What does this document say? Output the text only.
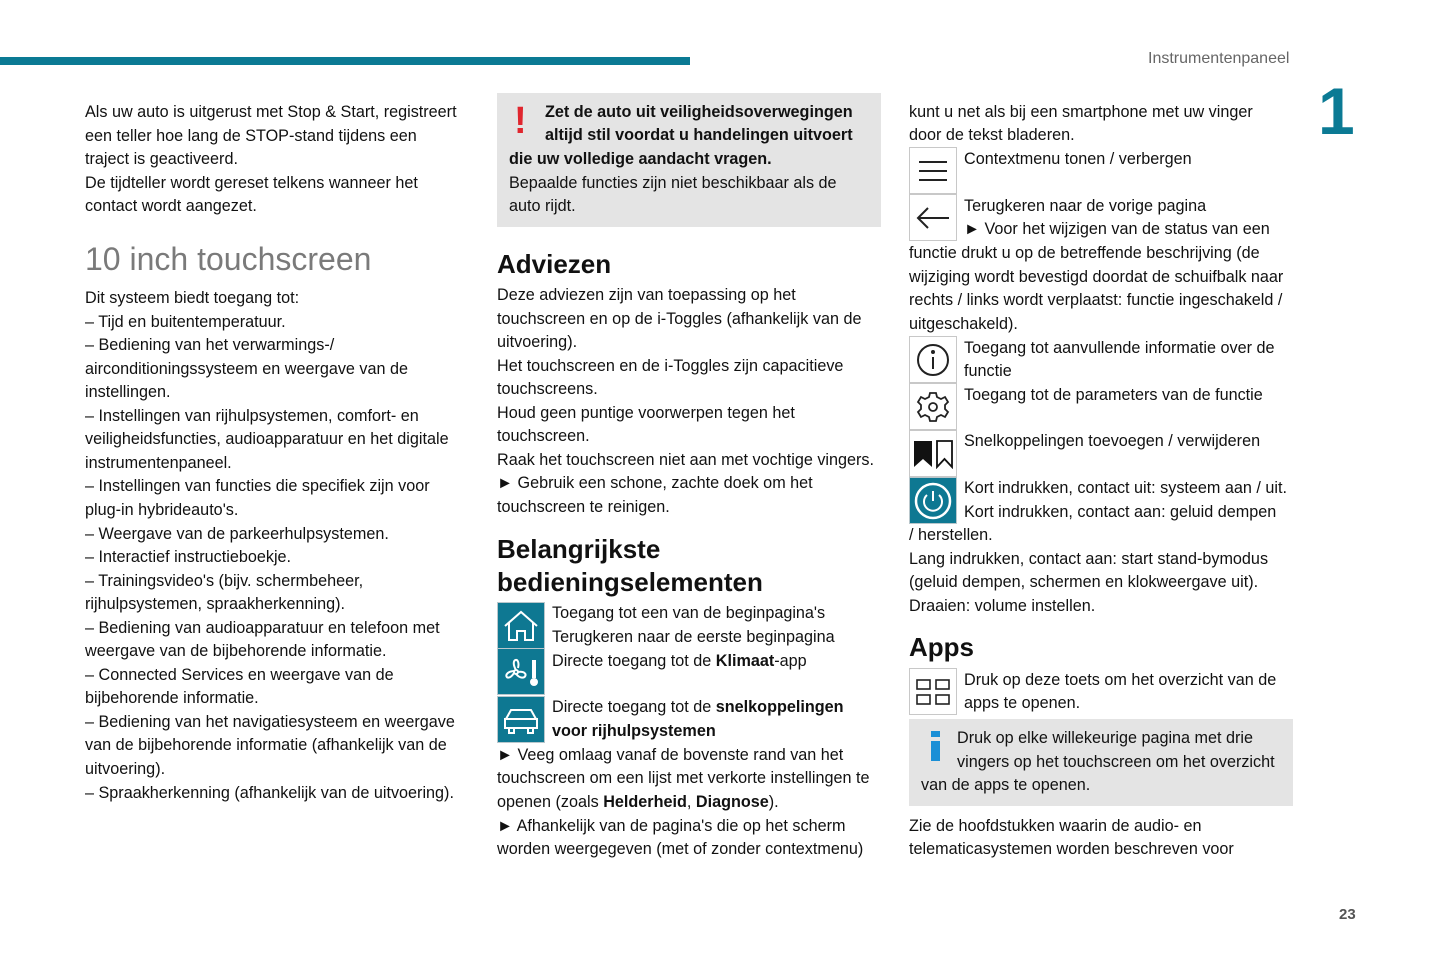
Instrumentenpaneel
1
23
Als uw auto is uitgerust met Stop & Start, registreert
een teller hoe lang de STOP-stand tijdens een
traject is geactiveerd.
De tijdteller wordt gereset telkens wanneer het
contact wordt aangezet.
10 inch touchscreen
Dit systeem biedt toegang tot:
– Tijd en buitentemperatuur.
– Bediening van het verwarmings-/
airconditioningssysteem en weergave van de
instellingen.
– Instellingen van rijhulpsystemen, comfort- en
veiligheidsfuncties, audioapparatuur en het digitale
instrumentenpaneel.
– Instellingen van functies die specifiek zijn voor
plug-in hybrideauto's.
– Weergave van de parkeerhulpsystemen.
– Interactief instructieboekje.
– Trainingsvideo's (bijv. schermbeheer,
rijhulpsystemen, spraakherkenning).
– Bediening van audioapparatuur en telefoon met
weergave van de bijbehorende informatie.
– Connected Services en weergave van de
bijbehorende informatie.
– Bediening van het navigatiesysteem en weergave
van de bijbehorende informatie (afhankelijk van de
uitvoering).
– Spraakherkenning (afhankelijk van de uitvoering).
! Zet de auto uit veiligheidsoverwegingen
altijd stil voordat u handelingen uitvoert
die uw volledige aandacht vragen.
Bepaalde functies zijn niet beschikbaar als de
auto rijdt.
Adviezen
Deze adviezen zijn van toepassing op het
touchscreen en op de i-Toggles (afhankelijk van de
uitvoering).
Het touchscreen en de i-Toggles zijn capacitieve
touchscreens.
Houd geen puntige voorwerpen tegen het
touchscreen.
Raak het touchscreen niet aan met vochtige vingers.
► Gebruik een schone, zachte doek om het
touchscreen te reinigen.
Belangrijkste
bedieningselementen
Toegang tot een van de beginpagina's
Terugkeren naar de eerste beginpagina
Directe toegang tot de Klimaat-app
Directe toegang tot de snelkoppelingen
voor rijhulpsystemen
► Veeg omlaag vanaf de bovenste rand van het
touchscreen om een lijst met verkorte instellingen te
openen (zoals Helderheid, Diagnose).
► Afhankelijk van de pagina's die op het scherm
worden weergegeven (met of zonder contextmenu)
kunt u net als bij een smartphone met uw vinger
door de tekst bladeren.
Contextmenu tonen / verbergen
Terugkeren naar de vorige pagina
► Voor het wijzigen van de status van een
functie drukt u op de betreffende beschrijving (de
wijziging wordt bevestigd doordat de schuifbalk naar
rechts / links wordt verplaatst: functie ingeschakeld /
uitgeschakeld).
Toegang tot aanvullende informatie over de
functie
Toegang tot de parameters van de functie
Snelkoppelingen toevoegen / verwijderen
Kort indrukken, contact uit: systeem aan / uit.
Kort indrukken, contact aan: geluid dempen
/ herstellen.
Lang indrukken, contact aan: start stand-bymodus
(geluid dempen, schermen en klokweergave uit).
Draaien: volume instellen.
Apps
Druk op deze toets om het overzicht van de
apps te openen.
Druk op elke willekeurige pagina met drie
vingers op het touchscreen om het overzicht
van de apps te openen.
Zie de hoofdstukken waarin de audio- en
telematicasystemen worden beschreven voor
